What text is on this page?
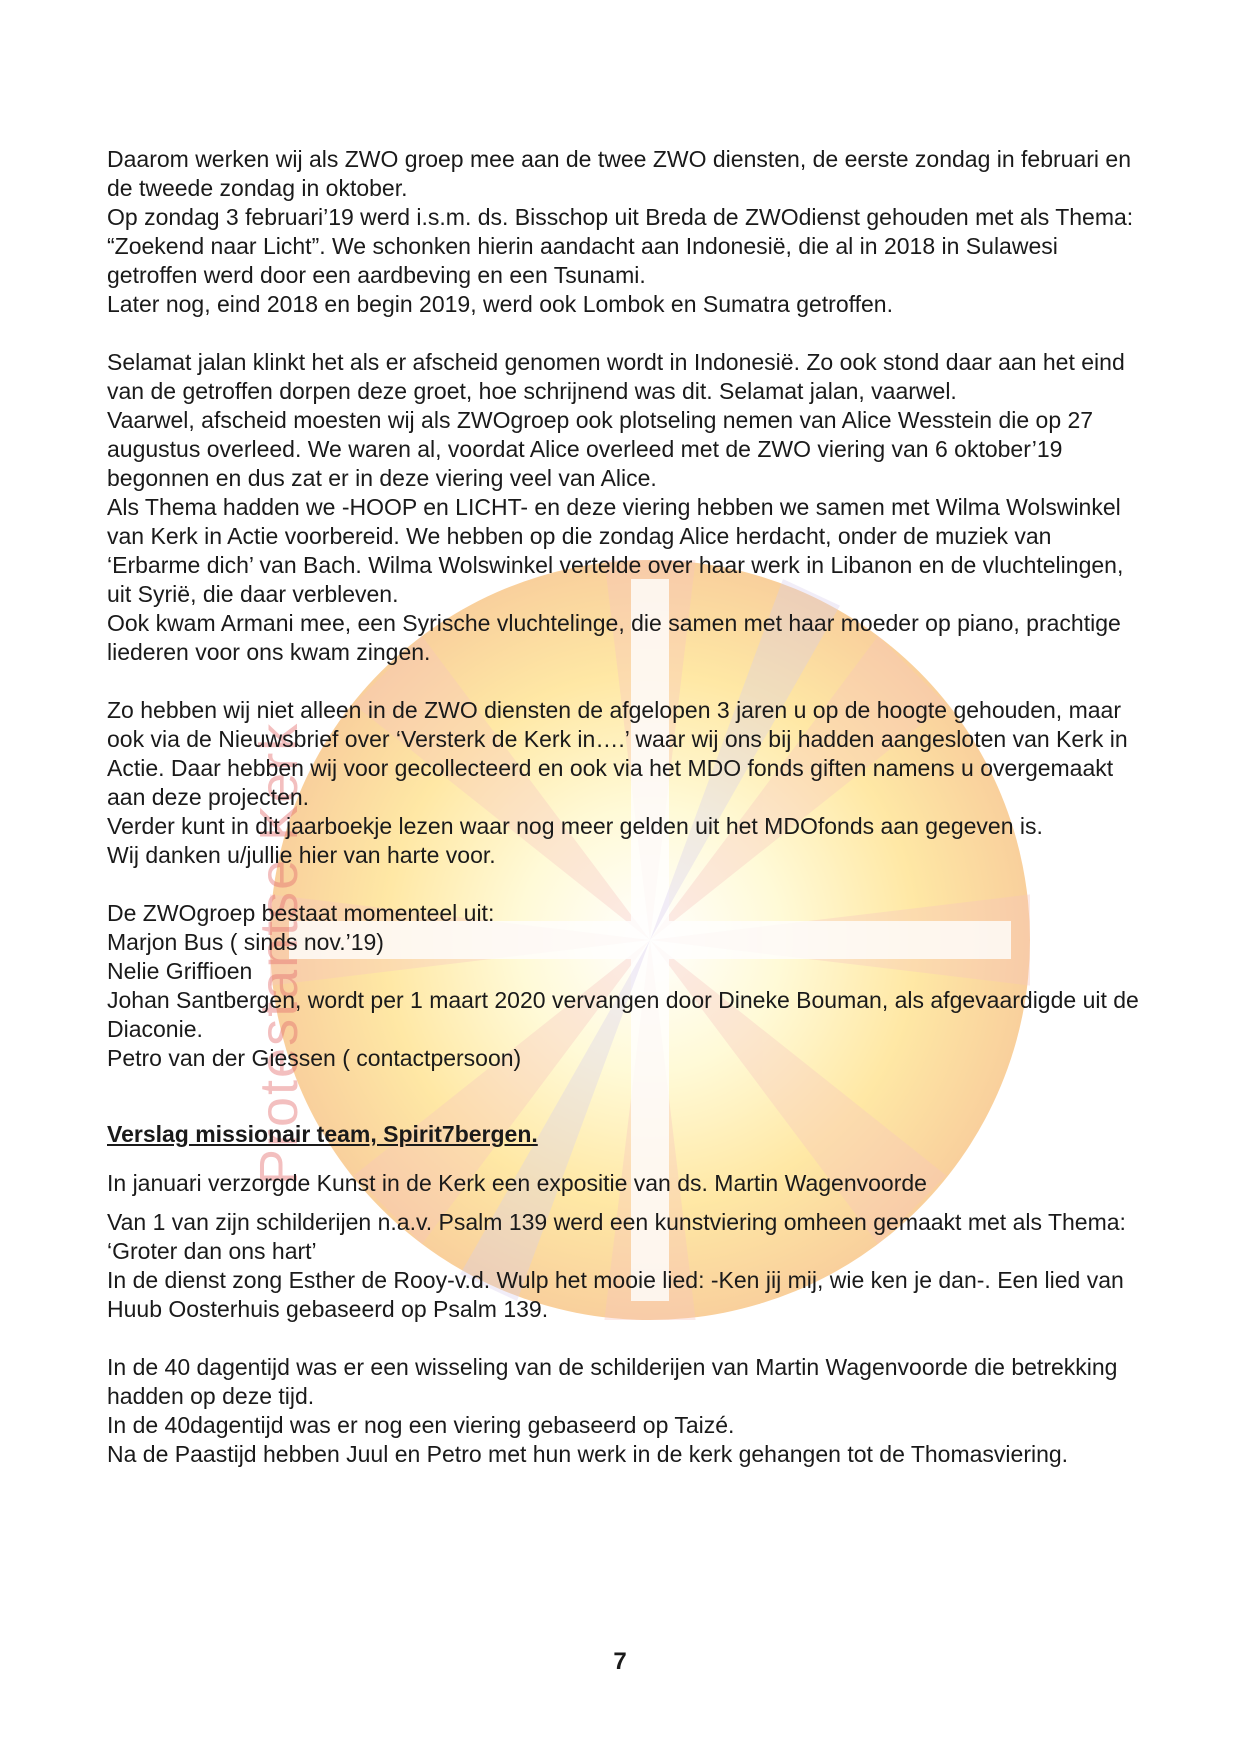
Protestantse Kerk

Daarom werken wij als ZWO groep mee aan de twee ZWO diensten, de eerste zondag in februari en de tweede zondag in oktober.

Op zondag 3 februari’19 werd i.s.m. ds. Bisschop uit Breda de ZWOdienst gehouden met als Thema: “Zoekend naar Licht”. We schonken hierin aandacht aan Indonesië, die al in 2018 in Sulawesi getroffen werd door een aardbeving en een Tsunami.

Later nog, eind 2018 en begin 2019, werd ook Lombok en Sumatra getroffen.

Selamat jalan klinkt het als er afscheid genomen wordt in Indonesië. Zo ook stond daar aan het eind van de getroffen dorpen deze groet, hoe schrijnend was dit. Selamat jalan, vaarwel.

Vaarwel, afscheid moesten wij als ZWOgroep ook plotseling nemen van Alice Wesstein die op 27 augustus overleed. We waren al, voordat Alice overleed met de ZWO viering van 6 oktober’19 begonnen en dus zat er in deze viering veel van Alice.

Als Thema hadden we -HOOP en LICHT- en deze viering hebben we samen met Wilma Wolswinkel van Kerk in Actie voorbereid. We hebben op die zondag Alice herdacht, onder de muziek van ‘Erbarme dich’ van Bach. Wilma Wolswinkel vertelde over haar werk in Libanon en de vluchtelingen, uit Syrië, die daar verbleven.

Ook kwam Armani mee, een Syrische vluchtelinge, die samen met haar moeder op piano, prachtige liederen voor ons kwam zingen.

Zo hebben wij niet alleen in de ZWO diensten de afgelopen 3 jaren u op de hoogte gehouden, maar ook via de Nieuwsbrief over ‘Versterk de Kerk in….’ waar wij ons bij hadden aangesloten van Kerk in Actie. Daar hebben wij voor gecollecteerd en ook via het MDO fonds giften namens u overgemaakt aan deze projecten.

Verder kunt in dit jaarboekje lezen waar nog meer gelden uit het MDOfonds aan gegeven is.

Wij danken u/jullie hier van harte voor.

De ZWOgroep bestaat momenteel uit:

Marjon Bus ( sinds nov.’19)

Nelie Griffioen

Johan Santbergen, wordt per 1 maart 2020 vervangen door Dineke Bouman, als afgevaardigde uit de Diaconie.

Petro van der Giessen ( contactpersoon)

Verslag missionair team, Spirit7bergen.

In januari verzorgde Kunst in de Kerk een expositie van ds. Martin Wagenvoorde

Van 1 van zijn schilderijen n.a.v. Psalm 139 werd een kunstviering omheen gemaakt met als Thema: ‘Groter dan ons hart’

In de dienst zong Esther de Rooy-v.d. Wulp het mooie lied: -Ken jij mij, wie ken je dan-. Een lied van Huub Oosterhuis gebaseerd op Psalm 139.

In de 40 dagentijd was er een wisseling van de schilderijen van Martin Wagenvoorde die betrekking hadden op deze tijd.

In de 40dagentijd was er nog een viering gebaseerd op Taizé.

Na de Paastijd hebben Juul en Petro met hun werk in de kerk gehangen tot de Thomasviering.

7
